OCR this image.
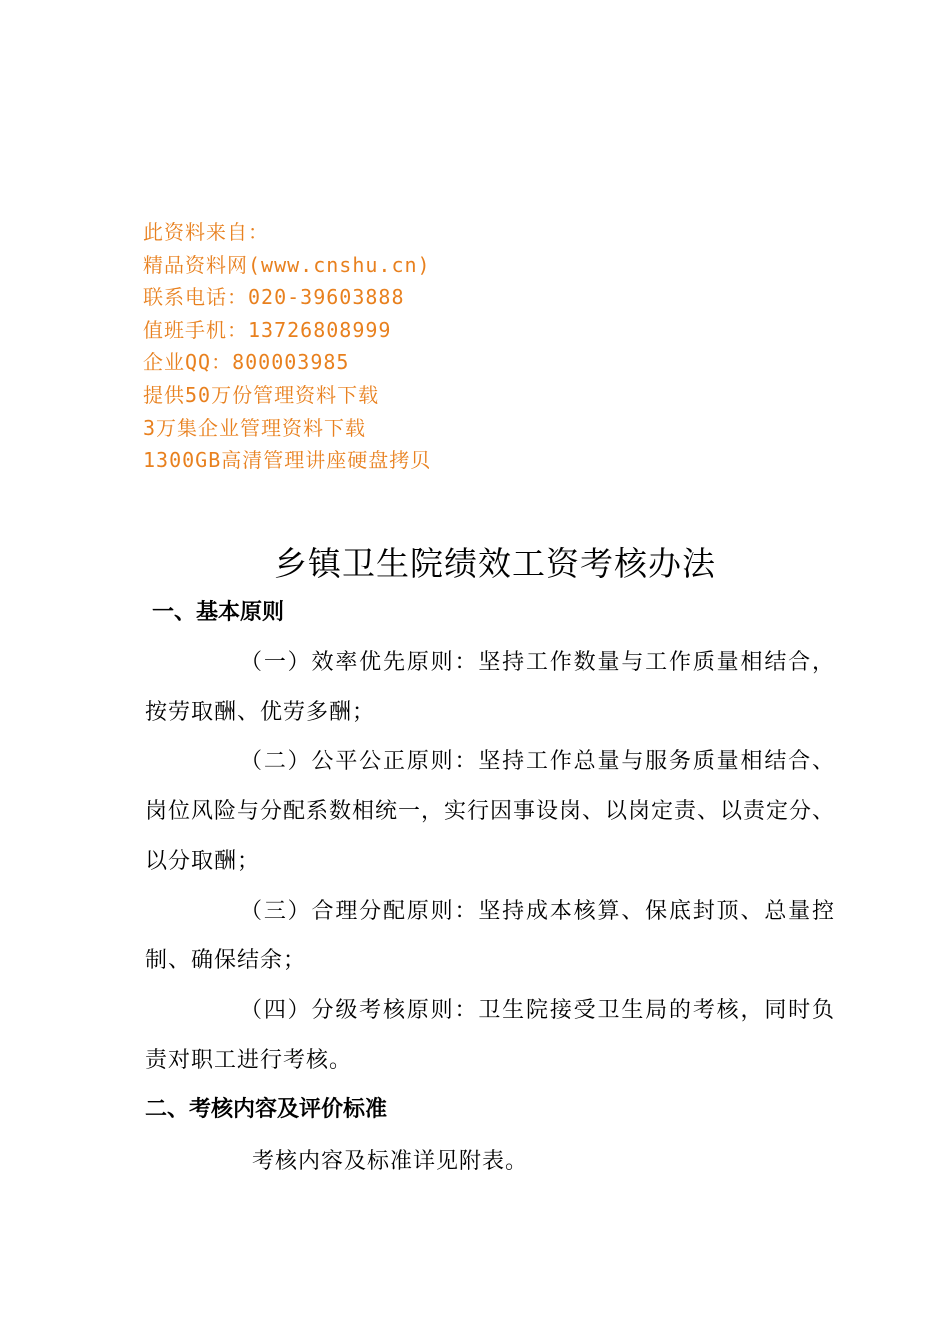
此资料来自：
精品资料网(www.cnshu.cn)
联系电话：020-39603888
值班手机：13726808999
企业QQ：800003985
提供50万份管理资料下载
3万集企业管理资料下载
1300GB高清管理讲座硬盘拷贝
乡镇卫生院绩效工资考核办法
一、基本原则

（一）效率优先原则：坚持工作数量与工作质量相结合，按劳取酬、优劳多酬；

（二）公平公正原则：坚持工作总量与服务质量相结合、岗位风险与分配系数相统一，实行因事设岗、以岗定责、以责定分、以分取酬；

（三）合理分配原则：坚持成本核算、保底封顶、总量控制、确保结余；

（四）分级考核原则：卫生院接受卫生局的考核，同时负责对职工进行考核。

二、考核内容及评价标准
考核内容及标准详见附表。
